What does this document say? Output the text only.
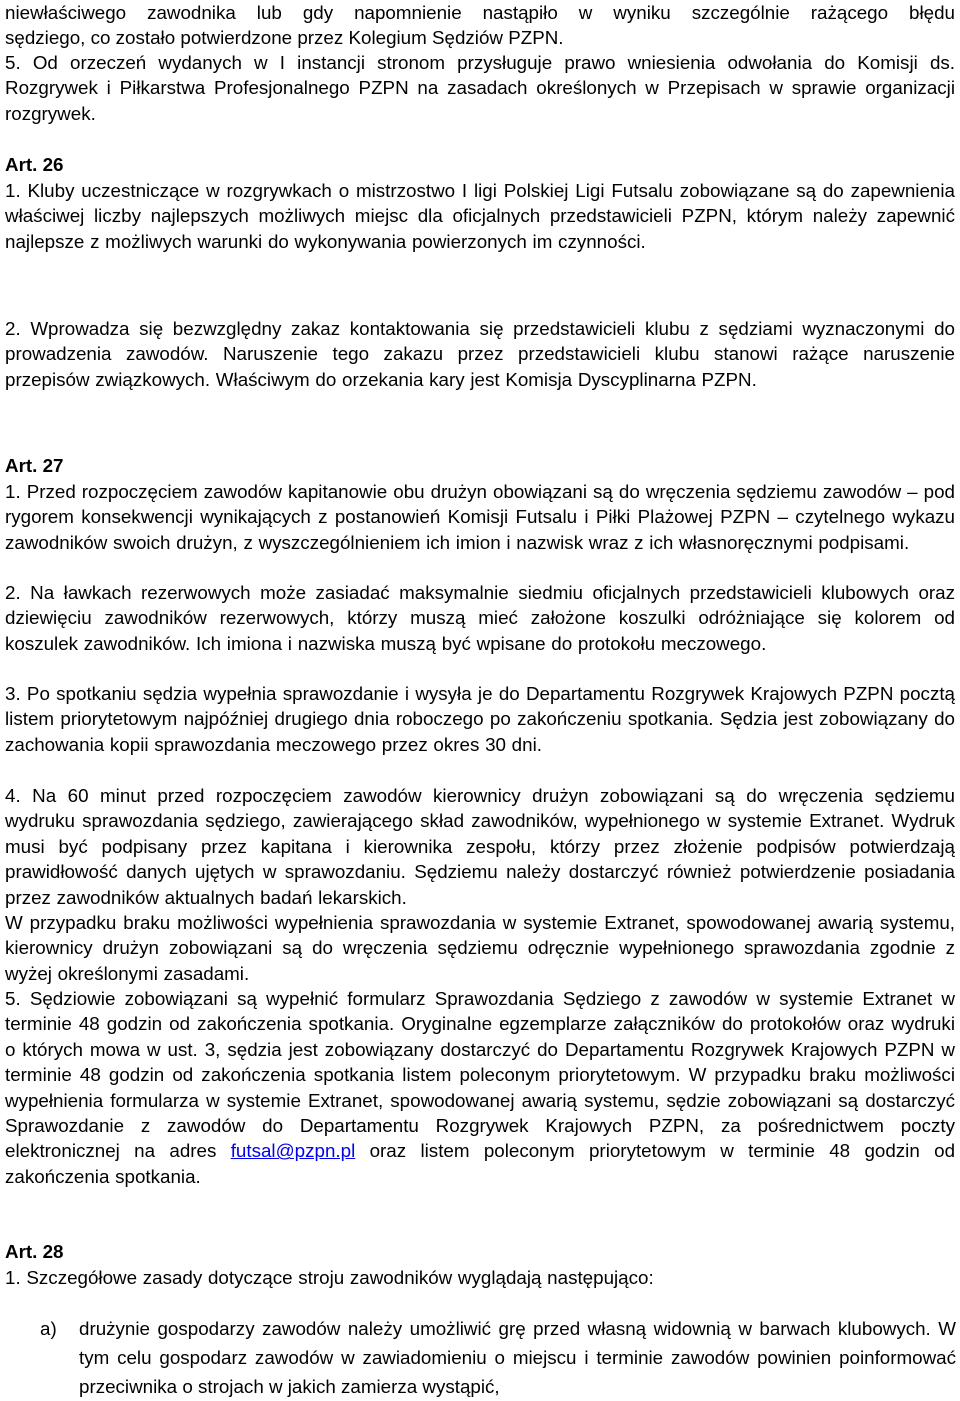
niewłaściwego zawodnika lub gdy napomnienie nastąpiło w wyniku szczególnie rażącego błędu

sędziego, co zostało potwierdzone przez Kolegium Sędziów PZPN.

5. Od orzeczeń wydanych w I instancji stronom przysługuje prawo wniesienia odwołania do Komisji ds. Rozgrywek i Piłkarstwa Profesjonalnego PZPN na zasadach określonych w Przepisach w sprawie organizacji rozgrywek.

Art. 26

1. Kluby uczestniczące w rozgrywkach o mistrzostwo I ligi Polskiej Ligi Futsalu zobowiązane są do zapewnienia właściwej liczby najlepszych możliwych miejsc dla oficjalnych przedstawicieli PZPN, którym należy zapewnić najlepsze z możliwych warunki do wykonywania powierzonych im czynności.

2. Wprowadza się bezwzględny zakaz kontaktowania się przedstawicieli klubu z sędziami wyznaczonymi do prowadzenia zawodów. Naruszenie tego zakazu przez przedstawicieli klubu stanowi rażące naruszenie przepisów związkowych. Właściwym do orzekania kary jest Komisja Dyscyplinarna PZPN.

Art. 27

1. Przed rozpoczęciem zawodów kapitanowie obu drużyn obowiązani są do wręczenia sędziemu zawodów – pod rygorem konsekwencji wynikających z postanowień Komisji Futsalu i Piłki Plażowej PZPN – czytelnego wykazu zawodników swoich drużyn, z wyszczególnieniem ich imion i nazwisk wraz z ich własnoręcznymi podpisami.

2. Na ławkach rezerwowych może zasiadać maksymalnie siedmiu oficjalnych przedstawicieli klubowych oraz dziewięciu zawodników rezerwowych, którzy muszą mieć założone koszulki odróżniające się kolorem od koszulek zawodników. Ich imiona i nazwiska muszą być wpisane do protokołu meczowego.

3. Po spotkaniu sędzia wypełnia sprawozdanie i wysyła je do Departamentu Rozgrywek Krajowych PZPN pocztą listem priorytetowym najpóźniej drugiego dnia roboczego po zakończeniu spotkania. Sędzia jest zobowiązany do zachowania kopii sprawozdania meczowego przez okres 30 dni.

4. Na 60 minut przed rozpoczęciem zawodów kierownicy drużyn zobowiązani są do wręczenia sędziemu wydruku sprawozdania sędziego, zawierającego skład zawodników, wypełnionego w systemie Extranet. Wydruk musi być podpisany przez kapitana i kierownika zespołu, którzy przez złożenie podpisów potwierdzają prawidłowość danych ujętych w sprawozdaniu. Sędziemu należy dostarczyć również potwierdzenie posiadania przez zawodników aktualnych badań lekarskich.

W przypadku braku możliwości wypełnienia sprawozdania w systemie Extranet, spowodowanej awarią systemu, kierownicy drużyn zobowiązani są do wręczenia sędziemu odręcznie wypełnionego sprawozdania zgodnie z wyżej określonymi zasadami.

5. Sędziowie zobowiązani są wypełnić formularz Sprawozdania Sędziego z zawodów w systemie Extranet w terminie 48 godzin od zakończenia spotkania. Oryginalne egzemplarze załączników do protokołów oraz wydruki o których mowa w ust. 3, sędzia jest zobowiązany dostarczyć do Departamentu Rozgrywek Krajowych PZPN w terminie 48 godzin od zakończenia spotkania listem poleconym priorytetowym. W przypadku braku możliwości wypełnienia formularza w systemie Extranet, spowodowanej awarią systemu, sędzie zobowiązani są dostarczyć Sprawozdanie z zawodów do Departamentu Rozgrywek Krajowych PZPN, za pośrednictwem poczty elektronicznej na adres futsal@pzpn.pl oraz listem poleconym priorytetowym w terminie 48 godzin od zakończenia spotkania.

Art. 28

1. Szczegółowe zasady dotyczące stroju zawodników wyglądają następująco:

a) drużynie gospodarzy zawodów należy umożliwić grę przed własną widownią w barwach klubowych. W tym celu gospodarz zawodów w zawiadomieniu o miejscu i terminie zawodów powinien poinformować przeciwnika o strojach w jakich zamierza wystąpić,
